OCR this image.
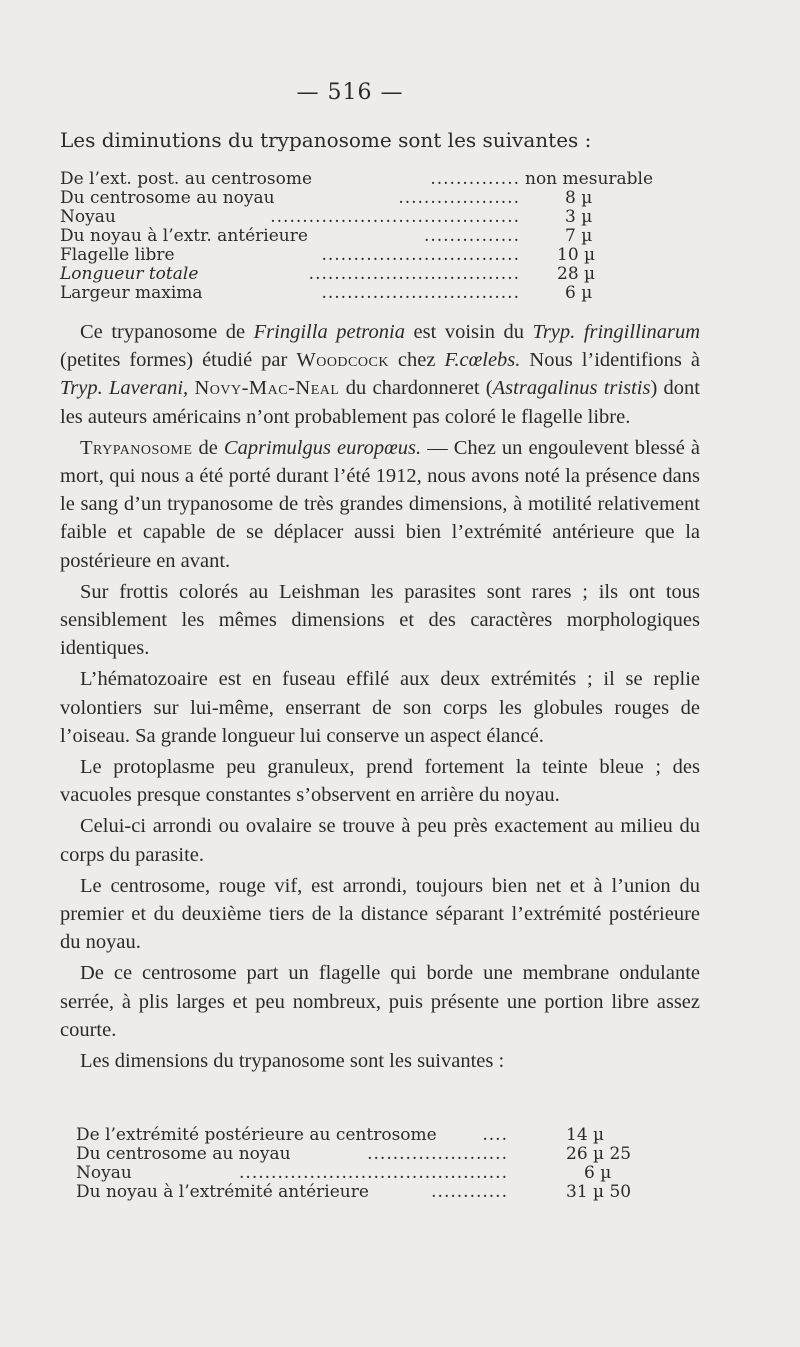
— 516 —
Les diminutions du trypanosome sont les suivantes :
De l’ext. post. au centrosome	.............. non mesurable
Du centrosome au noyau	...................	8 µ
Noyau	.......................................	3 µ
Du noyau à l’extr. antérieure	...............	7 µ
Flagelle libre	............................... 10 µ
Longueur totale	................................. 28 µ
Largeur maxima	...............................	6 µ

Ce trypanosome de Fringilla petronia est voisin du Tryp. fringillinarum (petites formes) étudié par Woodcock chez F.cœlebs. Nous l’identifions à Tryp. Laverani, Novy-Mac-Neal du chardonneret (Astragalinus tristis) dont les auteurs américains n’ont probablement pas coloré le flagelle libre.

Trypanosome de Caprimulgus europœus. — Chez un engoulevent blessé à mort, qui nous a été porté durant l’été 1912, nous avons noté la présence dans le sang d’un trypanosome de très grandes dimensions, à motilité relativement faible et capable de se déplacer aussi bien l’extrémité antérieure que la postérieure en avant.

Sur frottis colorés au Leishman les parasites sont rares ; ils ont tous sensiblement les mêmes dimensions et des caractères morphologiques identiques.

L’hématozoaire est en fuseau effilé aux deux extrémités ; il se replie volontiers sur lui-même, enserrant de son corps les globules rouges de l’oiseau. Sa grande longueur lui conserve un aspect élancé.

Le protoplasme peu granuleux, prend fortement la teinte bleue ; des vacuoles presque constantes s’observent en arrière du noyau.

Celui-ci arrondi ou ovalaire se trouve à peu près exactement au milieu du corps du parasite.

Le centrosome, rouge vif, est arrondi, toujours bien net et à l’union du premier et du deuxième tiers de la distance séparant l’extrémité postérieure du noyau.

De ce centrosome part un flagelle qui borde une membrane ondulante serrée, à plis larges et peu nombreux, puis présente une portion libre assez courte.

Les dimensions du trypanosome sont les suivantes :

De l’extrémité postérieure au centrosome	....	14 µ
Du centrosome au noyau	......................	26 µ 25
Noyau	..........................................	6 µ
Du noyau à l’extrémité antérieure	............	31 µ 50
